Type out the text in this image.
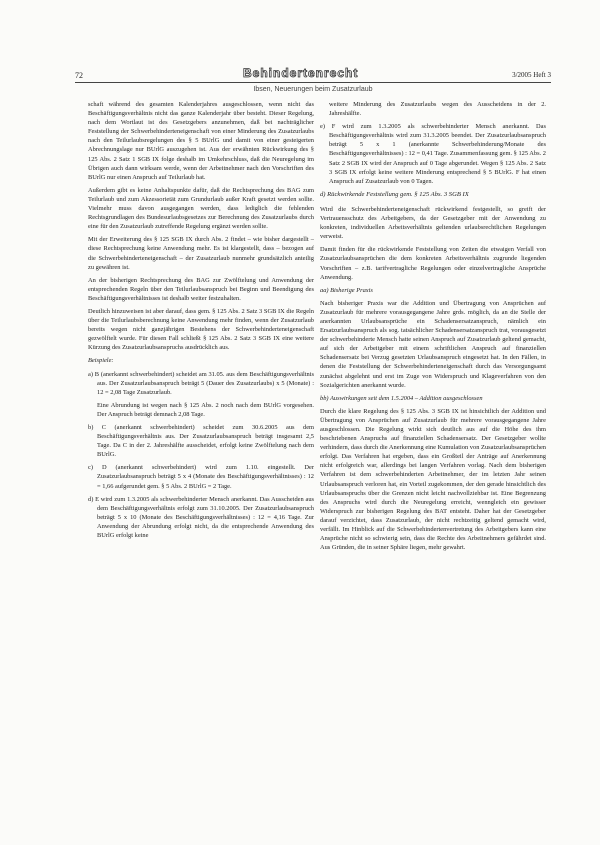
72	Behindertenrecht	3/2005 Heft 3
Ibsen, Neuerungen beim Zusatzurlaub

schaft während des gesamten Kalenderjahres ausgeschlossen, wenn nicht das Beschäftigungsverhältnis nicht das ganze Kalenderjahr über besteht. Dieser Regelung, nach dem Wortlaut ist des Gesetzgebers anzunehmen, daß bei nachträglicher Feststellung der Schwerbehinderteneigenschaft von einer Minderung des Zusatzurlaubs nach den Teilurlaubsregelungen des § 5 BUrlG und damit von einer gesteigerten Abrechnungslage nur BUrlG auszugehen ist. Aus der erwähnten Rückwirkung des § 125 Abs. 2 Satz 1 SGB IX folge deshalb im Umkehrschluss, daß die Neuregelung im Übrigen auch dann wirksam werde, wenn der Arbeitnehmer nach den Vorschriften des BUrlG nur einen Anspruch auf Teilurlaub hat.

Außerdem gibt es keine Anhaltspunkte dafür, daß die Rechtsprechung des BAG zum Teilurlaub und zum Akzessorietät zum Grundurlaub außer Kraft gesetzt werden sollte. Vielmehr muss davon ausgegangen werden, dass lediglich die fehlenden Rechtsgrundlagen des Bundesurlaubsgesetzes zur Berechnung des Zusatzurlaubs durch eine für den Zusatzurlaub zutreffende Regelung ergänzt werden sollte.

Mit der Erweiterung des § 125 SGB IX durch Abs. 2 findet – wie bisher dargestellt – diese Rechtsprechung keine Anwendung mehr. Es ist klargestellt, dass – bezogen auf die Schwerbehinderteneigenschaft – der Zusatzurlaub nunmehr grundsätzlich anteilig zu gewähren ist.

An der bisherigen Rechtsprechung des BAG zur Zwölftelung und Anwendung der entsprechenden Regeln über den Teilurlaubsanspruch bei Beginn und Beendigung des Beschäftigungsverhältnisses ist deshalb weiter festzuhalten.

Deutlich hinzuweisen ist aber darauf, dass gem. § 125 Abs. 2 Satz 3 SGB IX die Regeln über die Teilurlaubsberechnung keine Anwendung mehr finden, wenn der Zusatzurlaub bereits wegen nicht ganzjährigen Bestehens der Schwerbehinderteneigenschaft gezwölftelt wurde. Für diesen Fall schließt § 125 Abs. 2 Satz 3 SGB IX eine weitere Kürzung des Zusatzurlaubsanspruchs ausdrücklich aus.

Beispiele:
a) B (anerkannt schwerbehindert) scheidet am 31.05. aus dem Beschäftigungsverhältnis aus. Der Zusatzurlaubsanspruch beträgt 5 (Dauer des Zusatzurlaubs) x 5 (Monate) : 12 = 2,08 Tage Zusatzurlaub.
Eine Abrundung ist wegen nach § 125 Abs. 2 noch nach dem BUrlG vorgesehen. Der Anspruch beträgt demnach 2,08 Tage.
b) C (anerkannt schwerbehindert) scheidet zum 30.6.2005 aus dem Beschäftigungsverhältnis aus. Der Zusatzurlaubsanspruch beträgt insgesamt 2,5 Tage. Da C in der 2. Jahreshälfte ausscheidet, erfolgt keine Zwölftelung nach dem BUrlG.
c) D (anerkannt schwerbehindert) wird zum 1.10. eingestellt. Der Zusatzurlaubsanspruch beträgt 5 x 4 (Monate des Beschäftigungsverhältnisses) : 12 = 1,66 aufgerundet gem. § 5 Abs. 2 BUrlG = 2 Tage.
d) E wird zum 1.3.2005 als schwerbehinderter Mensch anerkannt. Das Ausscheiden aus dem Beschäftigungsverhältnis erfolgt zum 31.10.2005. Der Zusatzurlaubsanspruch beträgt 5 x 10 (Monate des Beschäftigungsverhältnisses) : 12 = 4,16 Tage. Zur Anwendung der Abrundung erfolgt nicht, da die entsprechende Anwendung des BUrlG erfolgt keine
weitere Minderung des Zusatzurlaubs wegen des Ausscheidens in der 2. Jahreshälfte.
e) F wird zum 1.3.2005 als schwerbehinderter Mensch anerkannt. Das Beschäftigungsverhältnis wird zum 31.3.2005 beendet. Der Zusatzurlaubsanspruch beträgt 5 x 1 (anerkannte Schwerbehinderung/Monate des Beschäftigungsverhältnisses) : 12 = 0,41 Tage. Zusammenfassung gem. § 125 Abs. 2 Satz 2 SGB IX wird der Anspruch auf 0 Tage abgerundet. Wegen § 125 Abs. 2 Satz 3 SGB IX erfolgt keine weitere Minderung entsprechend § 5 BUrlG. F hat einen Anspruch auf Zusatzurlaub von 0 Tagen.
d) Rückwirkende Feststellung gem. § 125 Abs. 3 SGB IX

Wird die Schwerbehinderteneigenschaft rückwirkend festgestellt, so greift der Vertrauensschutz des Arbeitgebers, da der Gesetzgeber mit der Anwendung zu konkreten, individuellen Arbeitsverhältnis geltenden urlaubsrechtlichen Regelungen verweist.

Damit finden für die rückwirkende Feststellung von Zeiten die etwaigen Verfall von Zusatzurlaubsansprüchen die dem konkreten Arbeitsverhältnis zugrunde liegenden Vorschriften – z.B. tarifvertragliche Regelungen oder einzelvertragliche Ansprüche Anwendung.

aa) Bisherige Praxis

Nach bisheriger Praxis war die Addition und Übertragung von Ansprüchen auf Zusatzurlaub für mehrere vorausgegangene Jahre grds. möglich, da an die Stelle der anerkannten Urlaubsansprüche ein Schadensersatzanspruch, nämlich ein Ersatzurlaubsanspruch als sog. tatsächlicher Schadensersatzanspruch trat, vorausgesetzt der schwerbehinderte Mensch hatte seinen Anspruch auf Zusatzurlaub geltend gemacht, auf sich der Arbeitgeber mit einem schriftlichen Anspruch auf finanziellen Schadensersatz bei Verzug gesetzten Urlaubsanspruch eingesetzt hat. In den Fällen, in denen die Feststellung der Schwerbehinderteneigenschaft durch das Versorgungsamt zunächst abgelehnt und erst im Zuge von Widerspruch und Klageverfahren von den Sozialgerichten anerkannt wurde.

bb) Auswirkungen seit dem 1.5.2004 – Addition ausgeschlossen

Durch die klare Regelung des § 125 Abs. 3 SGB IX ist hinsichtlich der Addition und Übertragung von Ansprüchen auf Zusatzurlaub für mehrere vorausgegangene Jahre ausgeschlossen. Die Regelung wirkt sich deutlich aus auf die Höhe des ihm beschriebenen Anspruchs auf finanziellen Schadensersatz. Der Gesetzgeber wollte verhindern, dass durch die Anerkennung eine Kumulation von Zusatzurlaubsansprüchen erfolgt. Das Verfahren hat ergeben, dass ein Großteil der Anträge auf Anerkennung nicht erfolgreich war, allerdings bei langen Verfahren vorlag. Nach dem bisherigen Verfahren ist dem schwerbehinderten Arbeitnehmer, der im letzten Jahr seinen Urlaubsanspruch verloren hat, ein Vorteil zugekommen, der den gerade hinsichtlich des Urlaubsanspruchs über die Grenzen nicht leicht nachvollziehbar ist. Eine Begrenzung des Anspruchs wird durch die Neuregelung erreicht, wenngleich ein gewisser Widerspruch zur bisherigen Regelung des BAT entsteht. Daher hat der Gesetzgeber darauf verzichtet, dass Zusatzurlaub, der nicht rechtzeitig geltend gemacht wird, verfällt. Im Hinblick auf die Schwerbehindertenvertretung des Arbeitgebers kann eine Ansprüche nicht so schwierig sein, dass die Rechte des Arbeitnehmers gefährdet sind. Aus Gründen, die in seiner Sphäre liegen, mehr gewahrt.
